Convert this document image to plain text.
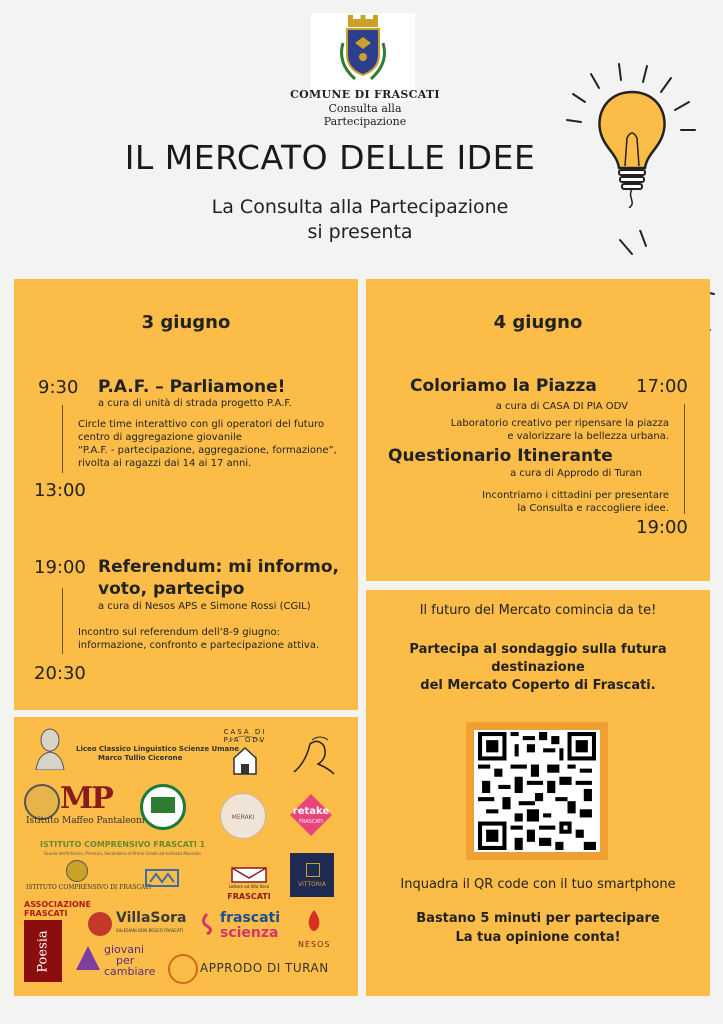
COMUNE DI FRASCATI
Consulta alla Partecipazione
IL MERCATO DELLE IDEE
La Consulta alla Partecipazione
si presenta
3 giugno
9:30 P.A.F. – Parliamone!
a cura di unità di strada progetto P.A.F.
Circle time interattivo con gli operatori del futuro
centro di aggregazione giovanile
“P.A.F. - partecipazione, aggregazione, formazione”,
rivolta ai ragazzi dai 14 ai 17 anni.
13:00
19:00 Referendum: mi informo,
voto, partecipo
a cura di Nesos APS e Simone Rossi (CGIL)
Incontro sul referendum dell’8-9 giugno:
informazione, confronto e partecipazione attiva.
20:30
4 giugno
Coloriamo la Piazza 17:00
a cura di CASA DI PIA ODV
Laboratorio creativo per ripensare la piazza
e valorizzare la bellezza urbana.
Questionario Itinerante
a cura di Approdo di Turan
Incontriamo i cittadini per presentare
la Consulta e raccogliere idee.
19:00
Il futuro del Mercato comincia da te!
Partecipa al sondaggio sulla futura
destinazione
del Mercato Coperto di Frascati.
Inquadra il QR code con il tuo smartphone
Bastano 5 minuti per partecipare
La tua opinione conta!
Liceo Classico Linguistico Scienze Umane
Marco Tullio Cicerone
CASA DI PIA ODV
MP
Istituto Maffeo Pantaleoni	MERAKI
retake
FRASCATI
ISTITUTO COMPRENSIVO FRASCATI 1
Scuola dell'Infanzia, Primaria, Secondaria di Primo Grado ad Indirizzo Musicale
ISTITUTO COMPRENSIVO DI FRASCATI	Lettere ad Alta Voce
FRASCATI
VITTORIA
ASSOCIAZIONE
FRASCATI
Poesia
VillaSora
SALESIANI DON BOSCO FRASCATI
frascati
scienza
NESOS
giovani
per
cambiare	APPRODO DI TURAN
